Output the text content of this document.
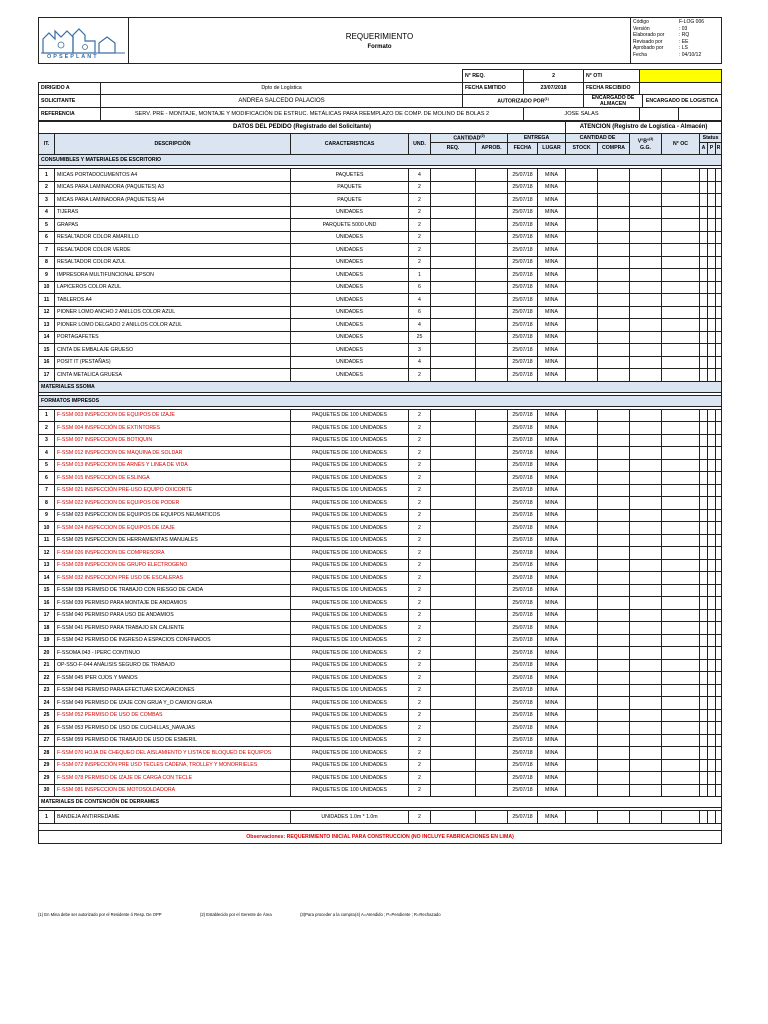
OPSEPLANT

REQUERIMIENTO
Formato

Código	F-LOG 006
Versión	: 03
Elaborado por	: RQ
Revisado por	: EE
Aprobado por	: LS
Fecha	: 04/10/12
	N° REQ.	2	N° OTI			
DIRIGIDO A	Dpto de Logística	FECHA EMITIDO	23/07/2018	FECHA RECIBIDO			
SOLICITANTE	ANDREA SALCEDO PALACIOS	AUTORIZADO POR$^{(1)}$		ENCARGADO DE ALMACEN		ENCARGADO DE LOGISTICA	
REFERENCIA	SERV. PRE - MONTAJE, MONTAJE Y MODIFICACIÓN DE ESTRUC. METÁLICAS PARA REEMPLAZO DE COMP. DE MOLINO DE BOLAS 2		JOSE SALAS				
DATOS DEL PEDIDO (Registrado del Solicitante)								ATENCION (Registro de Logística - Almacén)						
IT.	DESCRIPCIÓN	CARACTERISTICAS	UND.	CANTIDAD$^{(2)}$		ENTREGA		CANTIDAD DE		V°B°$^{(3)}$
G.G.	N° OC	Status		
				REQ.	APROB.	FECHA	LUGAR	STOCK	COMPRA			A	P	R
CONSUMIBLES Y MATERIALES DE ESCRITORIO														

1	MICAS PORTADOCUMENTOS A4	PAQUETES	4			25/07/18	MINA							
2	MICAS PARA LAMINADORA (PAQUETES) A3	PAQUETE	2			25/07/18	MINA							
3	MICAS PARA LAMINADORA (PAQUETES) A4	PAQUETE	2			25/07/18	MINA							
4	TIJERAS	UNIDADES	2			25/07/18	MINA							
5	GRAPAS	PARQUETE 5000 UND	2			25/07/18	MINA							
6	RESALTADOR COLOR AMARILLO	UNIDADES	2			25/07/18	MINA							
7	RESALTADOR COLOR VERDE	UNIDADES	2			25/07/18	MINA							
8	RESALTADOR COLOR AZUL	UNIDADES	2			25/07/18	MINA							
9	IMPRESORA MULTIFUNCIONAL EPSON	UNIDADES	1			25/07/18	MINA							
10	LAPICEROS COLOR AZUL	UNIDADES	6			25/07/18	MINA							
11	TABLEROS A4	UNIDADES	4			25/07/18	MINA							
12	PIONER LOMO ANCHO 2 ANILLOS COLOR AZUL	UNIDADES	6			25/07/18	MINA							
13	PIONER LOMO DELGADO 2 ANILLOS COLOR AZUL	UNIDADES	4			25/07/18	MINA							
14	PORTAGAFETES	UNIDADES	25			25/07/18	MINA							
15	CINTA DE EMBALAJE GRUESO	UNIDADES	3			25/07/18	MINA							
16	POSIT IT (PESTAÑAS)	UNIDADES	4			25/07/18	MINA							
17	CINTA METALICA GRUESA	UNIDADES	2			25/07/18	MINA							
MATERIALES SSOMA														

FORMATOS IMPRESOS														

1	F-SSM 003 INSPECCION DE EQUIPOS DE IZAJE	PAQUETES DE 100 UNIDADES	2			25/07/18	MINA							
2	F-SSM 004 INSPECCIÓN DE EXTINTORES	PAQUETES DE 100 UNIDADES	2			25/07/18	MINA							
3	F-SSM 007 INSPECCION DE BOTIQUIN	PAQUETES DE 100 UNIDADES	2			25/07/18	MINA							
4	F-SSM 012 INSPECCION DE MAQUINA DE SOLDAR	PAQUETES DE 100 UNIDADES	2			25/07/18	MINA							
5	F-SSM 013 INSPECCION DE ARNÉS Y LINEA DE VIDA	PAQUETES DE 100 UNIDADES	2			25/07/18	MINA							
6	F-SSM 015 INSPECCION DE ESLINGA	PAQUETES DE 100 UNIDADES	2			25/07/18	MINA							
7	F-SSM 021 INSPECCIÓN PRE-USO EQUIPO OXICORTE	PAQUETES DE 100 UNIDADES	2			25/07/18	MINA							
8	F-SSM 022 INSPECCION DE EQUIPOS DE PODER	PAQUETES DE 100 UNIDADES	2			25/07/18	MINA							
9	F-SSM 023 INSPECCION DE EQUIPOS DE EQUIPOS NEUMATICOS	PAQUETES DE 100 UNIDADES	2			25/07/18	MINA							
10	F-SSM 024 INSPECCION DE EQUIPOS DE IZAJE	PAQUETES DE 100 UNIDADES	2			25/07/18	MINA							
11	F-SSM 025 INSPECCION DE HERRAMIENTAS MANUALES	PAQUETES DE 100 UNIDADES	2			25/07/18	MINA							
12	F-SSM 026 INSPECCION DE COMPRESORA	PAQUETES DE 100 UNIDADES	2			25/07/18	MINA							
13	F-SSM 028 INSPECCION DE GRUPO ELECTROGENO	PAQUETES DE 100 UNIDADES	2			25/07/18	MINA							
14	F-SSM 032 INSPECCION PRE USO DE ESCALERAS	PAQUETES DE 100 UNIDADES	2			25/07/18	MINA							
15	F-SSM 038 PERMISO DE TRABAJO CON RIESGO DE CAIDA	PAQUETES DE 100 UNIDADES	2			25/07/18	MINA							
16	F-SSM 039 PERMISO PARA MONTAJE DE ANDAMIOS	PAQUETES DE 100 UNIDADES	2			25/07/18	MINA							
17	F-SSM 040 PERMISO PARA USO DE ANDAMIOS	PAQUETES DE 100 UNIDADES	2			25/07/18	MINA							
18	F-SSM 041 PERMISO PARA TRABAJO EN CALIENTE	PAQUETES DE 100 UNIDADES	2			25/07/18	MINA							
19	F-SSM 042 PERMISO DE INGRESO A ESPACIOS CONFINADOS	PAQUETES DE 100 UNIDADES	2			25/07/18	MINA							
20	F-SSOMA 043 - IPERC CONTINUO	PAQUETES DE 100 UNIDADES	2			25/07/18	MINA							
21	OP-SSO-F-044 ANÁLISIS SEGURO DE TRABAJO	PAQUETES DE 100 UNIDADES	2			25/07/18	MINA							
22	F-SSM 045 IPER OJOS Y MANOS	PAQUETES DE 100 UNIDADES	2			25/07/18	MINA							
23	F-SSM 048 PERMISO PARA EFECTUAR EXCAVACIONES	PAQUETES DE 100 UNIDADES	2			25/07/18	MINA							
24	F-SSM 049 PERMISO DE IZAJE CON GRUA Y_O CAMION GRUA	PAQUETES DE 100 UNIDADES	2			25/07/18	MINA							
25	F-SSM 052 PERMISO DE USO DE COMBAS	PAQUETES DE 100 UNIDADES	2			25/07/18	MINA							
26	F-SSM 053 PERMISO DE USO DE CUCHILLAS_NAVAJAS	PAQUETES DE 100 UNIDADES	2			25/07/18	MINA							
27	F-SSM 059 PERMISO DE TRABAJO DE USO DE ESMERIL	PAQUETES DE 100 UNIDADES	2			25/07/18	MINA							
28	F-SSM 070 HOJA DE CHEQUEO DEL AISLAMIENTO Y LISTA DE BLOQUEO DE EQUIPOS	PAQUETES DE 100 UNIDADES	2			25/07/18	MINA							
29	F-SSM 072 INSPECCIÓN PRE USO TECLES CADENA, TROLLEY Y MONORRIELES	PAQUETES DE 100 UNIDADES	2			25/07/18	MINA							
29	F-SSM 078 PERMISO DE IZAJE DE CARGA CON TECLE	PAQUETES DE 100 UNIDADES	2			25/07/18	MINA							
30	F-SSM 081 INSPECCION DE MOTOSOLDADORA	PAQUETES DE 100 UNIDADES	2			25/07/18	MINA							
MATERIALES DE CONTENCIÓN DE DERRAMES														

1	BANDEJA ANTIRREDAME	UNIDADES 1.0m * 1.0m	2			25/07/18	MINA							

Observaciones: REQUERIMIENTO INICIAL PARA CONSTRUCCION (NO INCLUYE FABRICACIONES EN LIMA)														
(1) En Mina debe ser autorizado por el Residente ó Resp. De OPP	(2) Establecido por el Gerente de Área	(3)Para proceder a la compra (4) A=Atendido ; P=Pendiente ; R=Rechazado
